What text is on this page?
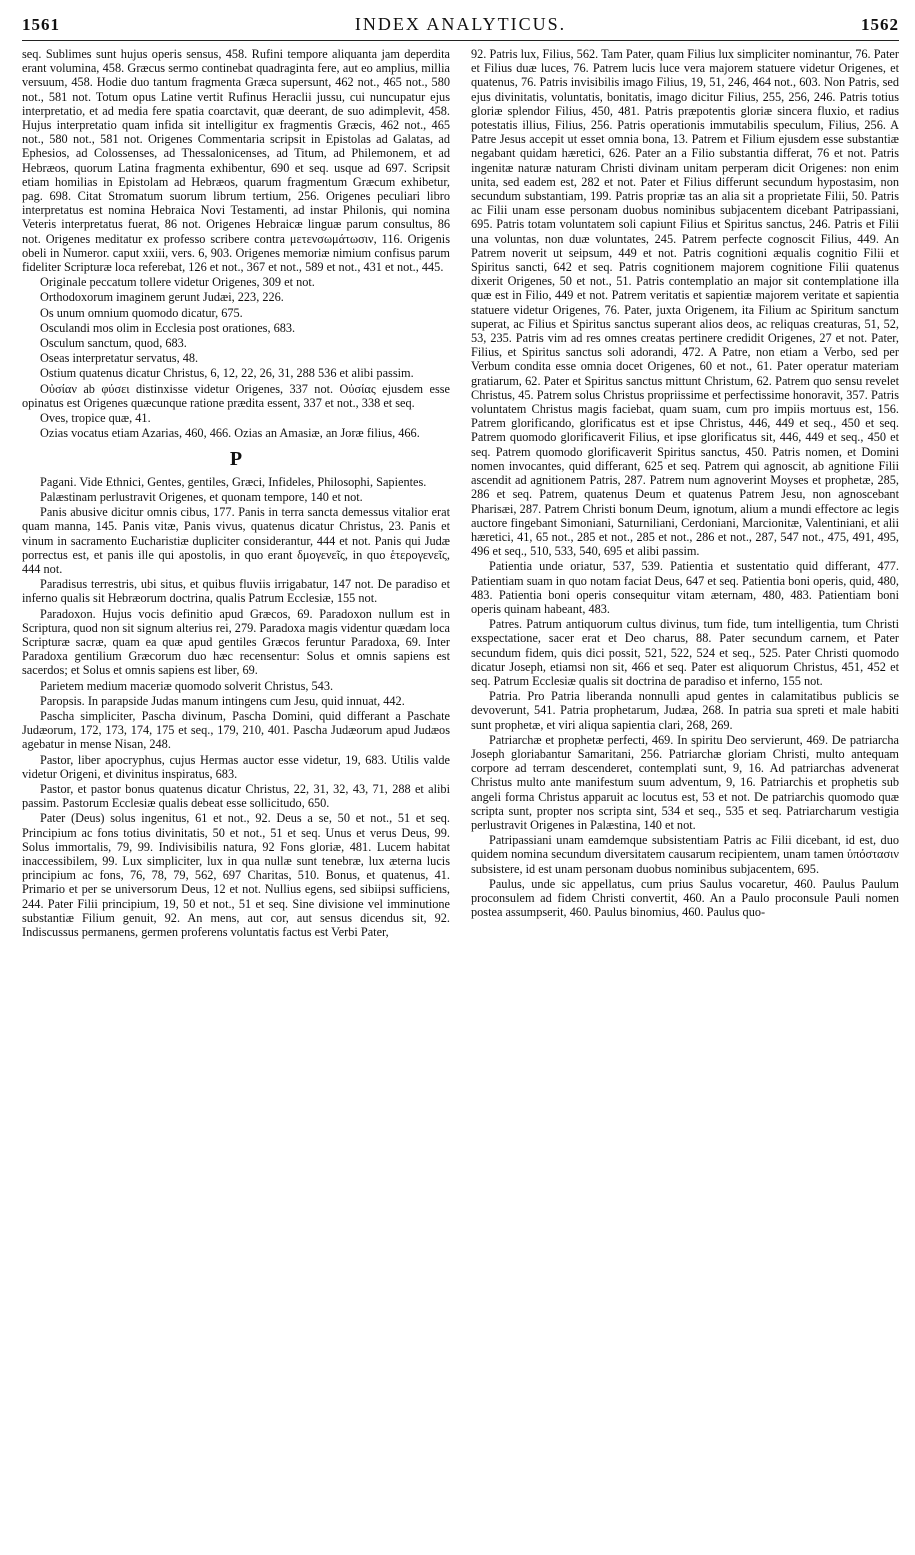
1561	INDEX ANALYTICUS.	1562

seq. Sublimes sunt hujus operis sensus, 458. Rufini tempore aliquanta jam deperdita erant volumina, 458. Græcus sermo continebat quadraginta fere, aut eo amplius, millia versuum, 458. Hodie duo tantum fragmenta Græca supersunt, 462 not., 465 not., 580 not., 581 not. Totum opus Latine vertit Rufinus Heraclii jussu, cui nuncupatur ejus interpretatio, et ad media fere spatia coarctavit, quæ deerant, de suo adimplevit, 458. Hujus interpretatio quam infida sit intelligitur ex fragmentis Græcis, 462 not., 465 not., 580 not., 581 not. Origenes Commentaria scripsit in Epistolas ad Galatas, ad Ephesios, ad Colossenses, ad Thessalonicenses, ad Titum, ad Philemonem, et ad Hebræos, quorum Latina fragmenta exhibentur, 690 et seq. usque ad 697. Scripsit etiam homilias in Epistolam ad Hebræos, quarum fragmentum Græcum exhibetur, pag. 698. Citat Stromatum suorum librum tertium, 256. Origenes peculiari libro interpretatus est nomina Hebraica Novi Testamenti, ad instar Philonis, qui nomina Veteris interpretatus fuerat, 86 not. Origenes Hebraicæ linguæ parum consultus, 86 not. Origenes meditatur ex professo scribere contra μετενσωμάτωσιν, 116. Origenis obeli in Numeror. caput xxiii, vers. 6, 903. Origenes memoriæ nimium confisus parum fideliter Scripturæ loca referebat, 126 et not., 367 et not., 589 et not., 431 et not., 445.

Originale peccatum tollere videtur Origenes, 309 et not.

Orthodoxorum imaginem gerunt Judæi, 223, 226.

Os unum omnium quomodo dicatur, 675.

Osculandi mos olim in Ecclesia post orationes, 683.

Osculum sanctum, quod, 683.

Oseas interpretatur servatus, 48.

Ostium quatenus dicatur Christus, 6, 12, 22, 26, 31, 288 536 et alibi passim.

Οὐσίαν ab φύσει distinxisse videtur Origenes, 337 not. Οὐσίας ejusdem esse opinatus est Origenes quæcunque ratione prædita essent, 337 et not., 338 et seq.

Oves, tropice quæ, 41.

Ozias vocatus etiam Azarias, 460, 466. Ozias an Amasiæ, an Joræ filius, 466.

P

Pagani. Vide Ethnici, Gentes, gentiles, Græci, Infideles, Philosophi, Sapientes.

Palæstinam perlustravit Origenes, et quonam tempore, 140 et not.

Panis abusive dicitur omnis cibus, 177. Panis in terra sancta demessus vitalior erat quam manna, 145. Panis vitæ, Panis vivus, quatenus dicatur Christus, 23. Panis et vinum in sacramento Eucharistiæ dupliciter considerantur, 444 et not. Panis qui Judæ porrectus est, et panis ille qui apostolis, in quo erant δμογενεῖς, in quo ἑτερογενεῖς, 444 not.

Paradisus terrestris, ubi situs, et quibus fluviis irrigabatur, 147 not. De paradiso et inferno qualis sit Hebræorum doctrina, qualis Patrum Ecclesiæ, 155 not.

Paradoxon. Hujus vocis definitio apud Græcos, 69. Paradoxon nullum est in Scriptura, quod non sit signum alterius rei, 279. Paradoxa magis videntur quædam loca Scripturæ sacræ, quam ea quæ apud gentiles Græcos feruntur Paradoxa, 69. Inter Paradoxa gentilium Græcorum duo hæc recensentur: Solus et omnis sapiens est sacerdos; et Solus et omnis sapiens est liber, 69.

Parietem medium maceriæ quomodo solverit Christus, 543.

Paropsis. In parapside Judas manum intingens cum Jesu, quid innuat, 442.

Pascha simpliciter, Pascha divinum, Pascha Domini, quid differant a Paschate Judæorum, 172, 173, 174, 175 et seq., 179, 210, 401. Pascha Judæorum apud Judæos agebatur in mense Nisan, 248.

Pastor, liber apocryphus, cujus Hermas auctor esse videtur, 19, 683. Utilis valde videtur Origeni, et divinitus inspiratus, 683.

Pastor, et pastor bonus quatenus dicatur Christus, 22, 31, 32, 43, 71, 288 et alibi passim. Pastorum Ecclesiæ qualis debeat esse sollicitudo, 650.

Pater (Deus) solus ingenitus, 61 et not., 92. Deus a se, 50 et not., 51 et seq. Principium ac fons totius divinitatis, 50 et not., 51 et seq. Unus et verus Deus, 99. Solus immortalis, 79, 99. Indivisibilis natura, 92 Fons gloriæ, 481. Lucem habitat inaccessibilem, 99. Lux simpliciter, lux in qua nullæ sunt tenebræ, lux æterna lucis principium ac fons, 76, 78, 79, 562, 697 Charitas, 510. Bonus, et quatenus, 41. Primario et per se universorum Deus, 12 et not. Nullius egens, sed sibiipsi sufficiens, 244. Pater Filii principium, 19, 50 et not., 51 et seq. Sine divisione vel imminutione substantiæ Filium genuit, 92. An mens, aut cor, aut sensus dicendus sit, 92. Indiscussus permanens, germen proferens voluntatis factus est Verbi Pater,

92. Patris lux, Filius, 562. Tam Pater, quam Filius lux simpliciter nominantur, 76. Pater et Filius duæ luces, 76. Patrem lucis luce vera majorem statuere videtur Origenes, et quatenus, 76. Patris invisibilis imago Filius, 19, 51, 246, 464 not., 603. Non Patris, sed ejus divinitatis, voluntatis, bonitatis, imago dicitur Filius, 255, 256, 246. Patris totius gloriæ splendor Filius, 450, 481. Patris præpotentis gloriæ sincera fluxio, et radius potestatis illius, Filius, 256. Patris operationis immutabilis speculum, Filius, 256. A Patre Jesus accepit ut esset omnia bona, 13. Patrem et Filium ejusdem esse substantiæ negabant quidam hæretici, 626. Pater an a Filio substantia differat, 76 et not. Patris ingenitæ naturæ naturam Christi divinam unitam perperam dicit Origenes: non enim unita, sed eadem est, 282 et not. Pater et Filius differunt secundum hypostasim, non secundum substantiam, 199. Patris propriæ tas an alia sit a proprietate Filii, 50. Patris ac Filii unam esse personam duobus nominibus subjacentem dicebant Patripassiani, 695. Patris totam voluntatem soli capiunt Filius et Spiritus sanctus, 246. Patris et Filii una voluntas, non duæ voluntates, 245. Patrem perfecte cognoscit Filius, 449. An Patrem noverit ut seipsum, 449 et not. Patris cognitioni æqualis cognitio Filii et Spiritus sancti, 642 et seq. Patris cognitionem majorem cognitione Filii quatenus dixerit Origenes, 50 et not., 51. Patris contemplatio an major sit contemplatione illa quæ est in Filio, 449 et not. Patrem veritatis et sapientiæ majorem veritate et sapientia statuere videtur Origenes, 76. Pater, juxta Origenem, ita Filium ac Spiritum sanctum superat, ac Filius et Spiritus sanctus superant alios deos, ac reliquas creaturas, 51, 52, 53, 235. Patris vim ad res omnes creatas pertinere credidit Origenes, 27 et not. Pater, Filius, et Spiritus sanctus soli adorandi, 472. A Patre, non etiam a Verbo, sed per Verbum condita esse omnia docet Origenes, 60 et not., 61. Pater operatur materiam gratiarum, 62. Pater et Spiritus sanctus mittunt Christum, 62. Patrem quo sensu revelet Christus, 45. Patrem solus Christus propriissime et perfectissime honoravit, 357. Patris voluntatem Christus magis faciebat, quam suam, cum pro impiis mortuus est, 156. Patrem glorificando, glorificatus est et ipse Christus, 446, 449 et seq., 450 et seq. Patrem quomodo glorificaverit Filius, et ipse glorificatus sit, 446, 449 et seq., 450 et seq. Patrem quomodo glorificaverit Spiritus sanctus, 450. Patris nomen, et Domini nomen invocantes, quid differant, 625 et seq. Patrem qui agnoscit, ab agnitione Filii ascendit ad agnitionem Patris, 287. Patrem num agnoverint Moyses et prophetæ, 285, 286 et seq. Patrem, quatenus Deum et quatenus Patrem Jesu, non agnoscebant Pharisæi, 287. Patrem Christi bonum Deum, ignotum, alium a mundi effectore ac legis auctore fingebant Simoniani, Saturniliani, Cerdoniani, Marcionitæ, Valentiniani, et alii hæretici, 41, 65 not., 285 et not., 285 et not., 286 et not., 287, 547 not., 475, 491, 495, 496 et seq., 510, 533, 540, 695 et alibi passim.

Patientia unde oriatur, 537, 539. Patientia et sustentatio quid differant, 477. Patientiam suam in quo notam faciat Deus, 647 et seq. Patientia boni operis, quid, 480, 483. Patientia boni operis consequitur vitam æternam, 480, 483. Patientiam boni operis quinam habeant, 483.

Patres. Patrum antiquorum cultus divinus, tum fide, tum intelligentia, tum Christi exspectatione, sacer erat et Deo charus, 88. Pater secundum carnem, et Pater secundum fidem, quis dici possit, 521, 522, 524 et seq., 525. Pater Christi quomodo dicatur Joseph, etiamsi non sit, 466 et seq. Pater est aliquorum Christus, 451, 452 et seq. Patrum Ecclesiæ qualis sit doctrina de paradiso et inferno, 155 not.

Patria. Pro Patria liberanda nonnulli apud gentes in calamitatibus publicis se devoverunt, 541. Patria prophetarum, Judæa, 268. In patria sua spreti et male habiti sunt prophetæ, et viri aliqua sapientia clari, 268, 269.

Patriarchæ et prophetæ perfecti, 469. In spiritu Deo servierunt, 469. De patriarcha Joseph gloriabantur Samaritani, 256. Patriarchæ gloriam Christi, multo antequam corpore ad terram descenderet, contemplati sunt, 9, 16. Ad patriarchas advenerat Christus multo ante manifestum suum adventum, 9, 16. Patriarchis et prophetis sub angeli forma Christus apparuit ac locutus est, 53 et not. De patriarchis quomodo quæ scripta sunt, propter nos scripta sint, 534 et seq., 535 et seq. Patriarcharum vestigia perlustravit Origenes in Palæstina, 140 et not.

Patripassiani unam eamdemque subsistentiam Patris ac Filii dicebant, id est, duo quidem nomina secundum diversitatem causarum recipientem, unam tamen ὑπόστασιν subsistere, id est unam personam duobus nominibus subjacentem, 695.

Paulus, unde sic appellatus, cum prius Saulus vocaretur, 460. Paulus Paulum proconsulem ad fidem Christi convertit, 460. An a Paulo proconsule Pauli nomen postea assumpserit, 460. Paulus binomius, 460. Paulus quo-
